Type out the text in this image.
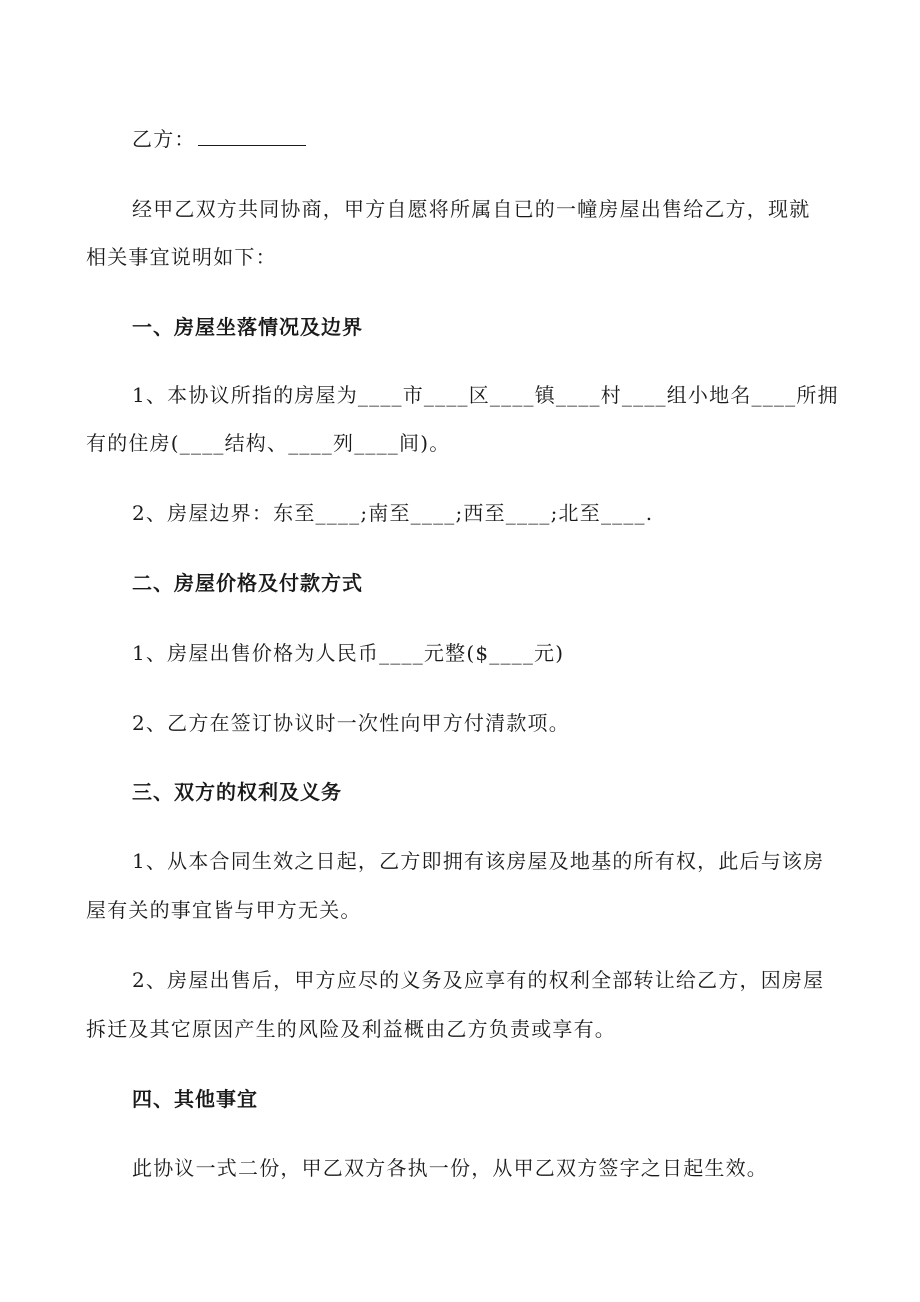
乙方：
经甲乙双方共同协商，甲方自愿将所属自已的一幢房屋出售给乙方，现就
相关事宜说明如下：
一、房屋坐落情况及边界
1、本协议所指的房屋为____市____区____镇____村____组小地名____所拥
有的住房(____结构、____列____间)。
2、房屋边界：东至____;南至____;西至____;北至____.
二、房屋价格及付款方式
1、房屋出售价格为人民币____元整($____元)
2、乙方在签订协议时一次性向甲方付清款项。
三、双方的权利及义务
1、从本合同生效之日起，乙方即拥有该房屋及地基的所有权，此后与该房
屋有关的事宜皆与甲方无关。
2、房屋出售后，甲方应尽的义务及应享有的权利全部转让给乙方，因房屋
拆迁及其它原因产生的风险及利益概由乙方负责或享有。
四、其他事宜
此协议一式二份，甲乙双方各执一份，从甲乙双方签字之日起生效。
